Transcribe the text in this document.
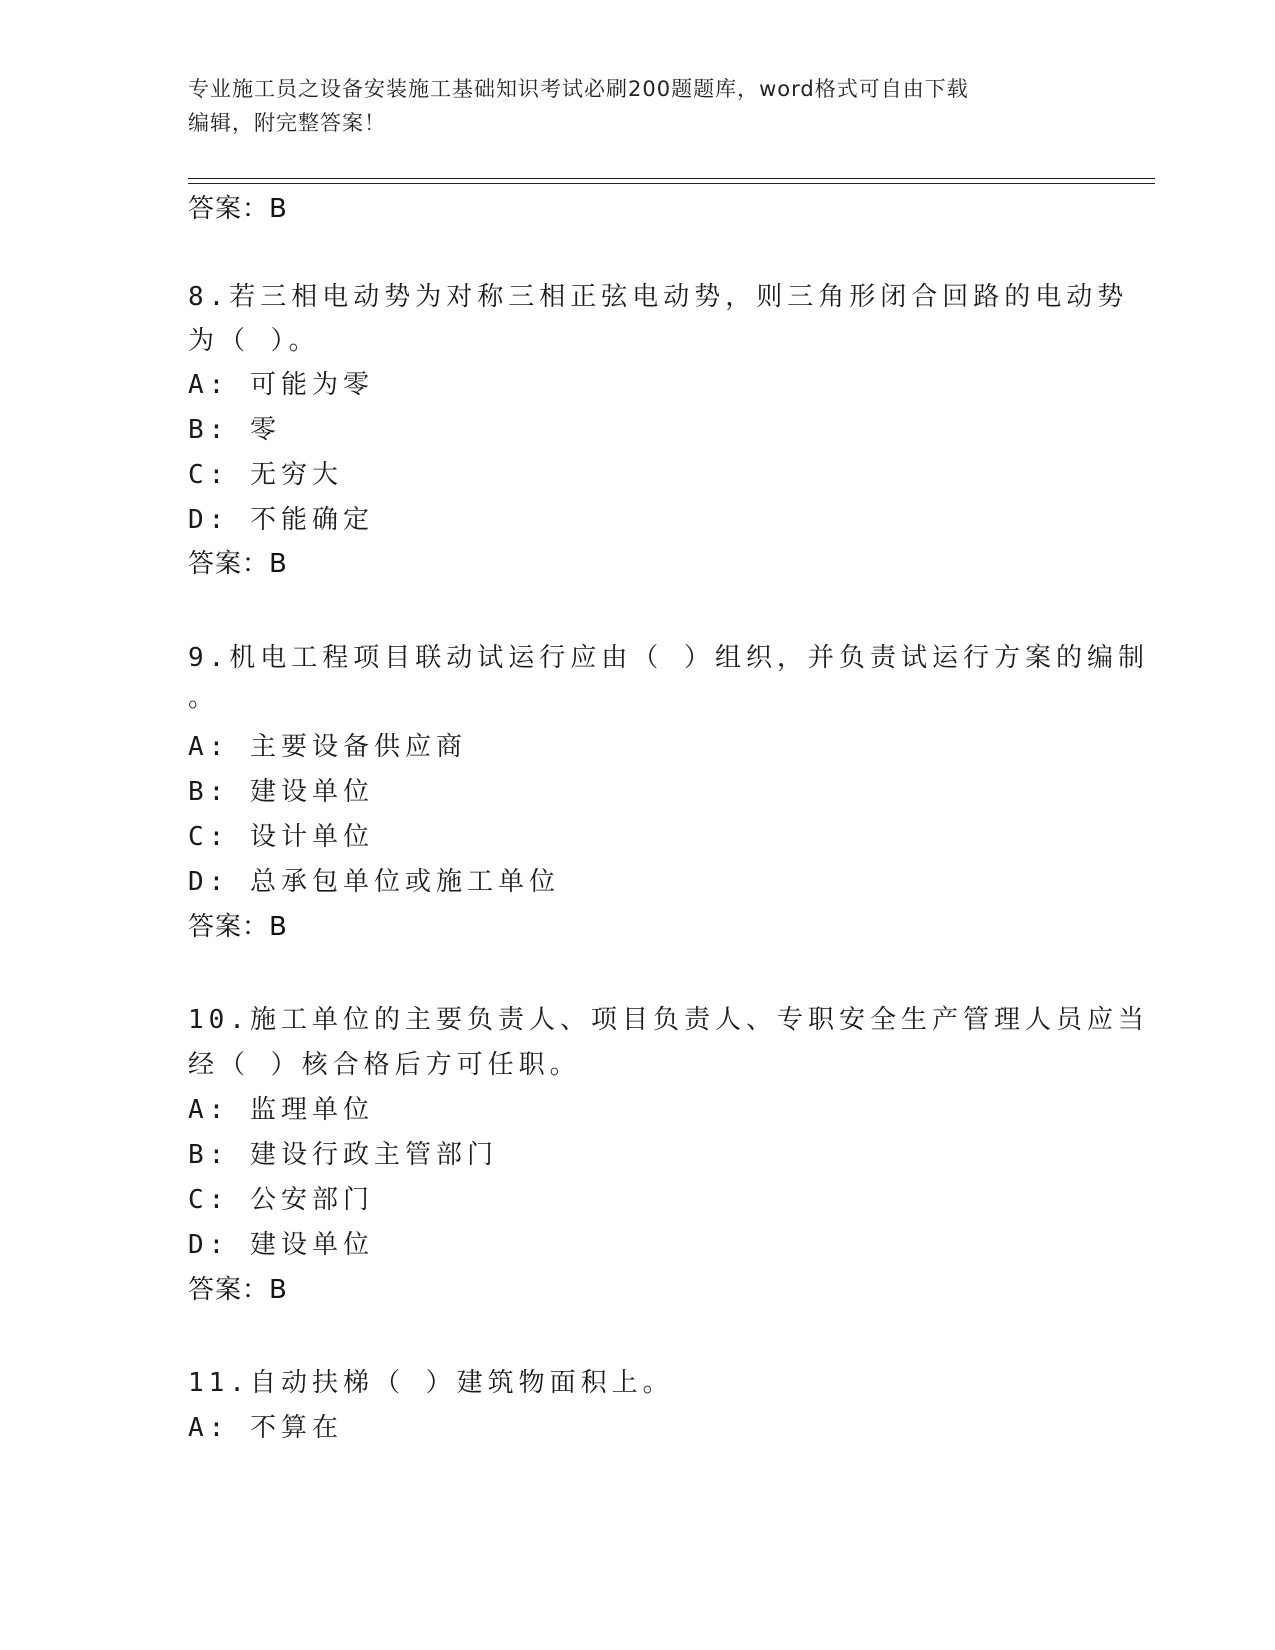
专业施工员之设备安装施工基础知识考试必刷200题题库，word格式可自由下载
编辑，附完整答案！
答案：B
8.若三相电动势为对称三相正弦电动势，则三角形闭合回路的电动势
为（ ）。
A: 可能为零
B: 零
C: 无穷大
D: 不能确定
答案：B
9.机电工程项目联动试运行应由（ ）组织，并负责试运行方案的编制
。
A: 主要设备供应商
B: 建设单位
C: 设计单位
D: 总承包单位或施工单位
答案：B
10.施工单位的主要负责人、项目负责人、专职安全生产管理人员应当
经（ ）核合格后方可任职。
A: 监理单位
B: 建设行政主管部门
C: 公安部门
D: 建设单位
答案：B
11.自动扶梯（ ）建筑物面积上。
A: 不算在
